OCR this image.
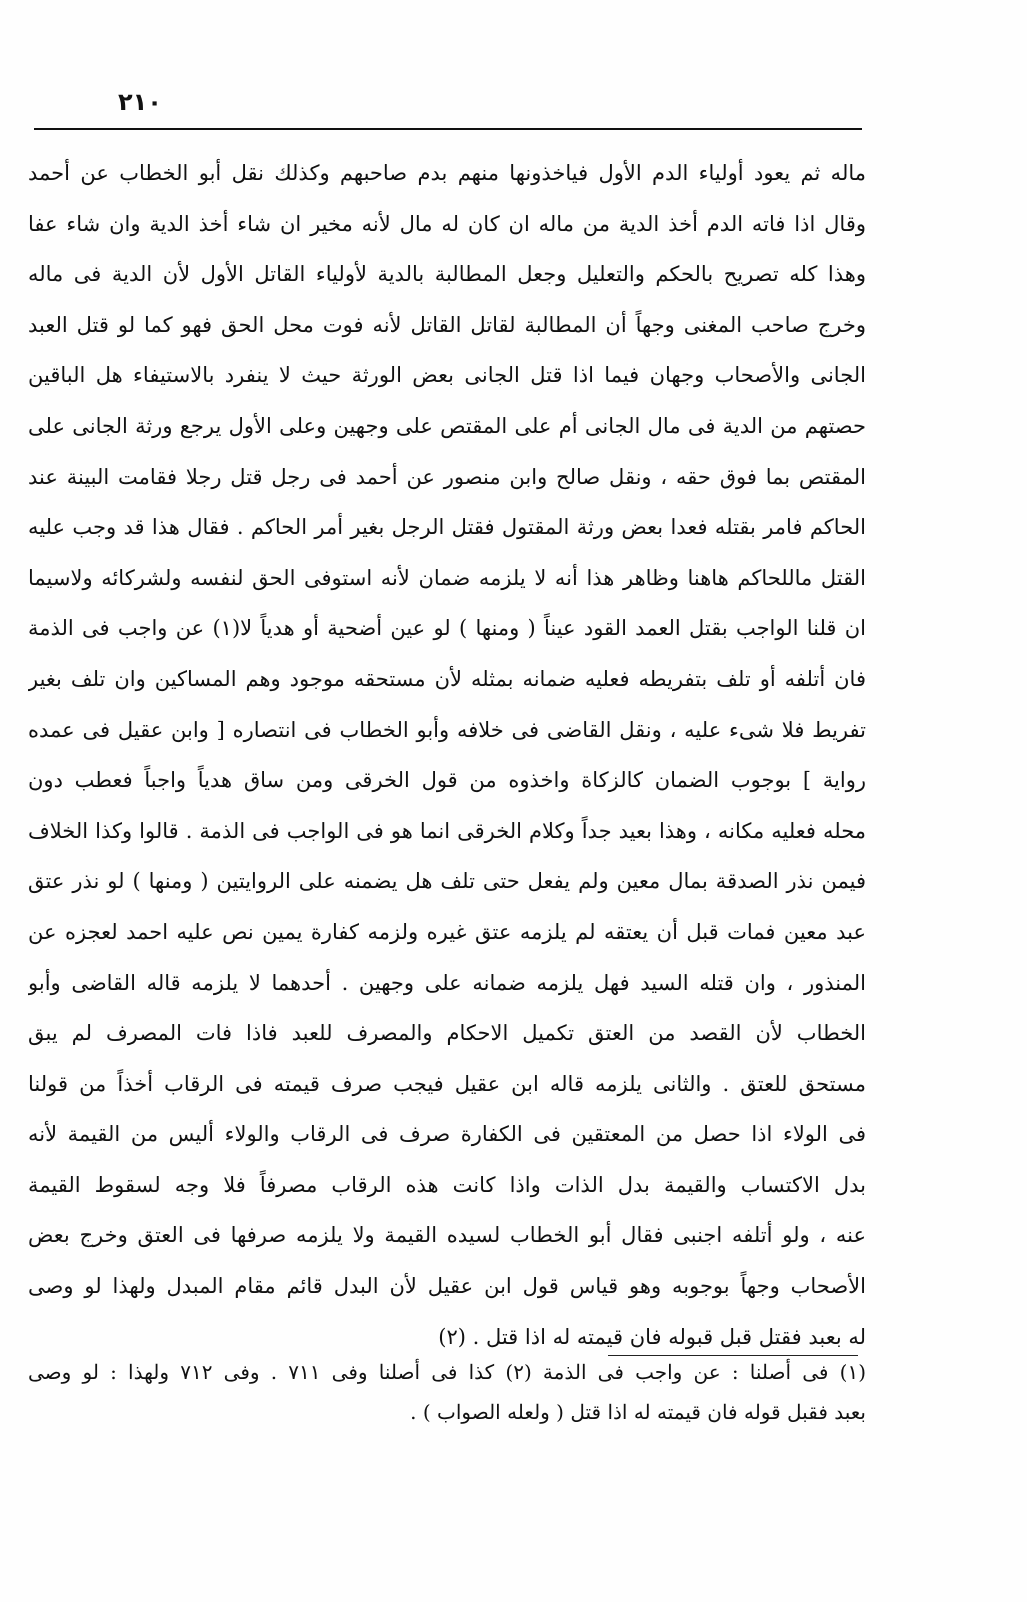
٢١٠
ماله ثم يعود أولياء الدم الأول فياخذونها منهم بدم صاحبهم وكذلك نقل أبو الخطاب عن أحمد
وقال اذا فاته الدم أخذ الدية من ماله ان كان له مال لأنه مخير ان شاء أخذ الدية وان شاء عفا
وهذا كله تصريح بالحكم والتعليل وجعل المطالبة بالدية لأولياء القاتل الأول لأن الدية فى ماله
وخرج صاحب المغنى وجهاً أن المطالبة لقاتل القاتل لأنه فوت محل الحق فهو كما لو قتل العبد
الجانى والأصحاب وجهان فيما اذا قتل الجانى بعض الورثة حيث لا ينفرد بالاستيفاء هل الباقين
حصتهم من الدية فى مال الجانى أم على المقتص على وجهين وعلى الأول يرجع ورثة الجانى على
المقتص بما فوق حقه ، ونقل صالح وابن منصور عن أحمد فى رجل قتل رجلا فقامت البينة عند
الحاكم فامر بقتله فعدا بعض ورثة المقتول فقتل الرجل بغير أمر الحاكم . فقال هذا قد وجب عليه
القتل ماللحاكم هاهنا وظاهر هذا أنه لا يلزمه ضمان لأنه استوفى الحق لنفسه ولشركائه ولاسيما
ان قلنا الواجب بقتل العمد القود عيناً ( ومنها ) لو عين أضحية أو هدياً لا(١) عن واجب فى الذمة
فان أتلفه أو تلف بتفريطه فعليه ضمانه بمثله لأن مستحقه موجود وهم المساكين وان تلف بغير
تفريط فلا شىء عليه ، ونقل القاضى فى خلافه وأبو الخطاب فى انتصاره [ وابن عقيل فى عمده
رواية ] بوجوب الضمان كالزكاة واخذوه من قول الخرقى ومن ساق هدياً واجباً فعطب دون
محله فعليه مكانه ، وهذا بعيد جداً وكلام الخرقى انما هو فى الواجب فى الذمة . قالوا وكذا الخلاف
فيمن نذر الصدقة بمال معين ولم يفعل حتى تلف هل يضمنه على الروايتين ( ومنها ) لو نذر عتق
عبد معين فمات قبل أن يعتقه لم يلزمه عتق غيره ولزمه كفارة يمين نص عليه احمد لعجزه عن
المنذور ، وان قتله السيد فهل يلزمه ضمانه على وجهين . أحدهما لا يلزمه قاله القاضى وأبو
الخطاب لأن القصد من العتق تكميل الاحكام والمصرف للعبد فاذا فات المصرف لم يبق
مستحق للعتق . والثانى يلزمه قاله ابن عقيل فيجب صرف قيمته فى الرقاب أخذاً من قولنا
فى الولاء اذا حصل من المعتقين فى الكفارة صرف فى الرقاب والولاء أليس من القيمة لأنه
بدل الاكتساب والقيمة بدل الذات واذا كانت هذه الرقاب مصرفاً فلا وجه لسقوط القيمة
عنه ، ولو أتلفه اجنبى فقال أبو الخطاب لسيده القيمة ولا يلزمه صرفها فى العتق وخرج بعض
الأصحاب وجهاً بوجوبه وهو قياس قول ابن عقيل لأن البدل قائم مقام المبدل ولهذا لو وصى
له بعبد فقتل قبل قبوله فان قيمته له اذا قتل . (٢)
(١) فى أصلنا : عن واجب فى الذمة (٢) كذا فى أصلنا وفى ٧١١ . وفى ٧١٢ ولهذا : لو وصى
بعبد فقبل قوله فان قيمته له اذا قتل ( ولعله الصواب ) .
